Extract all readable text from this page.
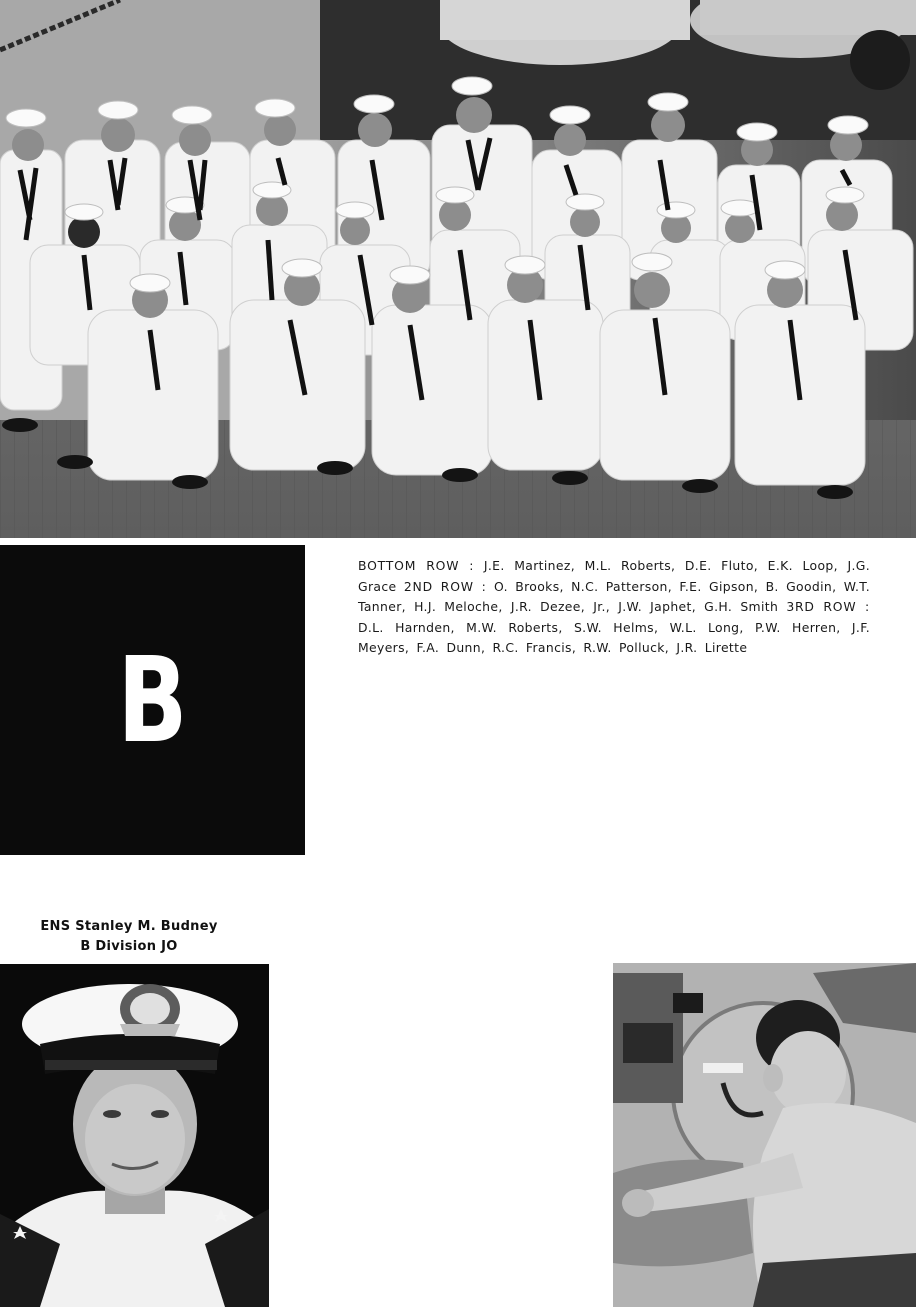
B
BOTTOM ROW : J.E. Martinez, M.L. Roberts, D.E. Fluto, E.K. Loop, J.G. Grace 2ND ROW : O. Brooks, N.C. Patterson, F.E. Gipson, B. Goodin, W.T. Tanner, H.J. Meloche, J.R. Dezee, Jr., J.W. Japhet, G.H. Smith 3RD ROW : D.L. Harnden, M.W. Roberts, S.W. Helms, W.L. Long, P.W. Herren, J.F. Meyers, F.A. Dunn, R.C. Francis, R.W. Polluck, J.R. Lirette
ENS Stanley M. Budney
B Division JO
